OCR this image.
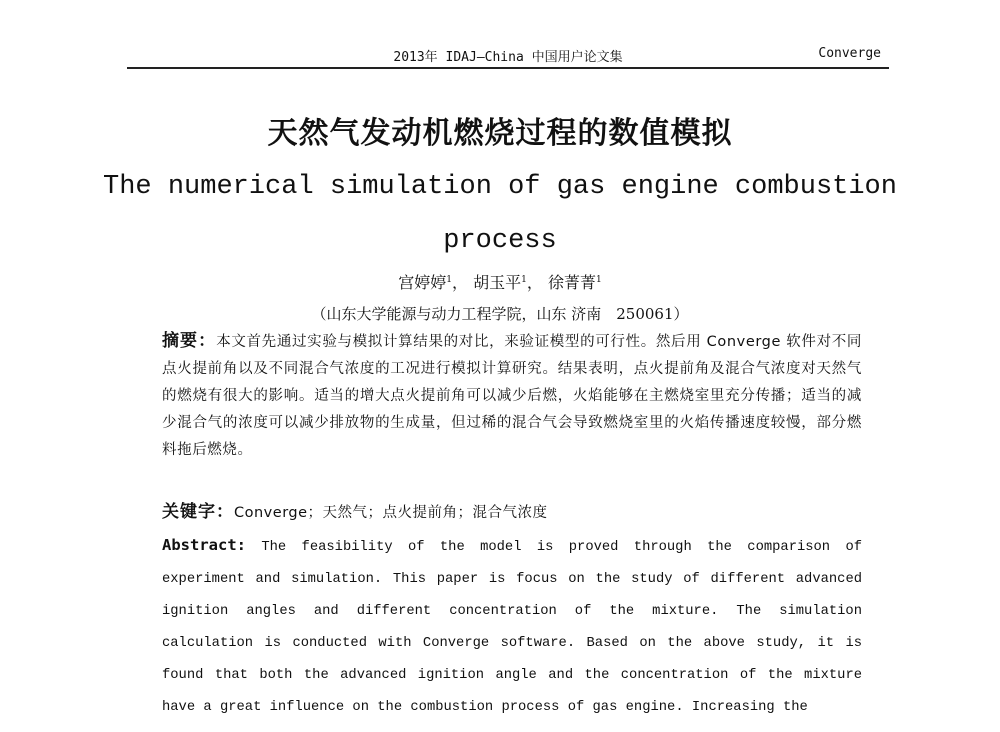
2013年 IDAJ—China 中国用户论文集	Converge
天然气发动机燃烧过程的数值模拟
The numerical simulation of gas engine combustion process
宫婷婷$^1$， 胡玉平$^1$， 徐菁菁$^1$
（山东大学能源与动力工程学院，山东 济南　250061）
摘要：本文首先通过实验与模拟计算结果的对比，来验证模型的可行性。然后用 Converge 软件对不同点火提前角以及不同混合气浓度的工况进行模拟计算研究。结果表明，点火提前角及混合气浓度对天然气的燃烧有很大的影响。适当的增大点火提前角可以减少后燃，火焰能够在主燃烧室里充分传播；适当的减少混合气的浓度可以减少排放物的生成量，但过稀的混合气会导致燃烧室里的火焰传播速度较慢，部分燃料拖后燃烧。
关键字：Converge；天然气；点火提前角；混合气浓度
Abstract: The feasibility of the model is proved through the comparison of experiment and simulation. This paper is focus on the study of different advanced ignition angles and different concentration of the mixture. The simulation calculation is conducted with Converge software. Based on the above study, it is found that both the advanced ignition angle and the concentration of the mixture have a great influence on the combustion process of gas engine. Increasing the
